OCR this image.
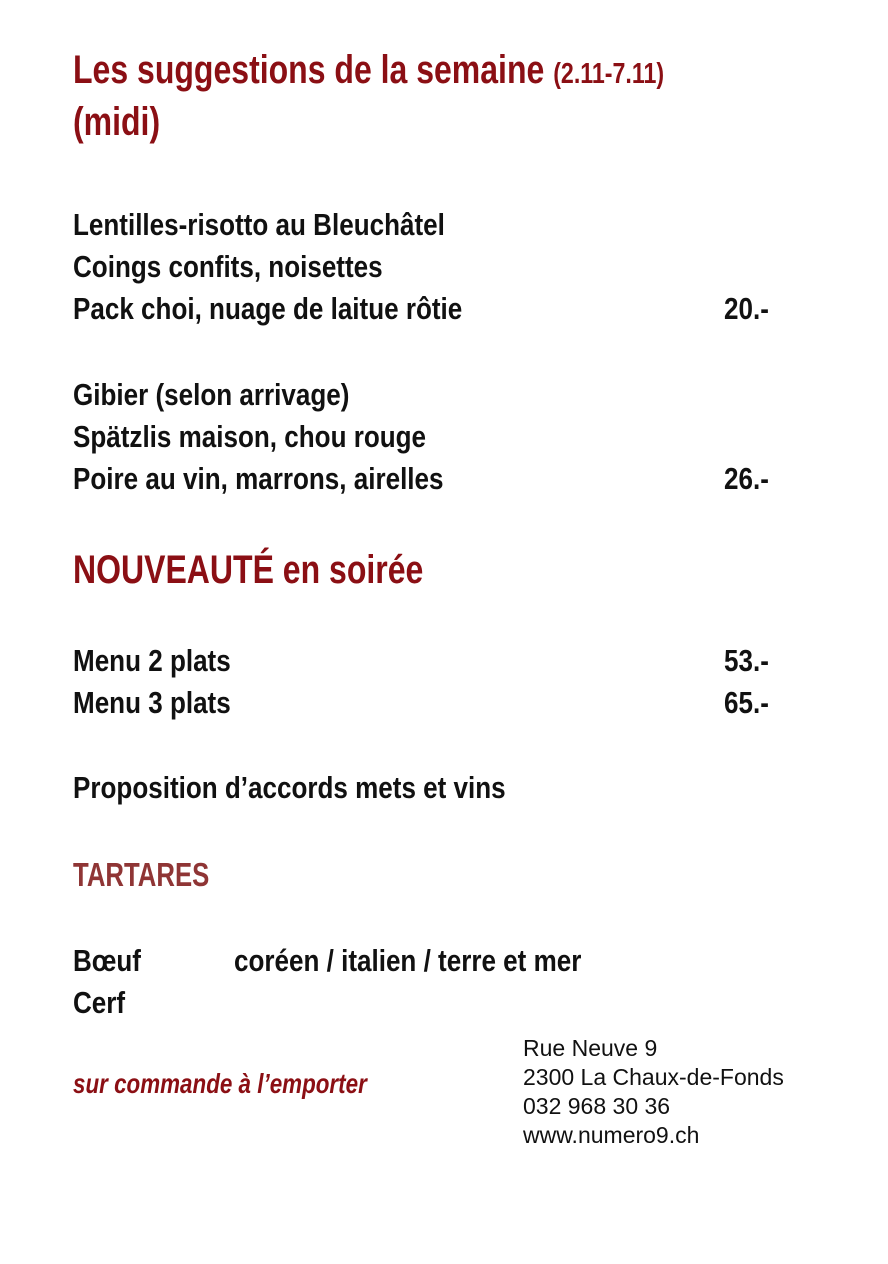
Les suggestions de la semaine (2.11-7.11)
(midi)
Lentilles-risotto au Bleuchâtel
Coings confits, noisettes
Pack choi, nuage de laitue rôtie	20.-
Gibier (selon arrivage)
Spätzlis maison, chou rouge
Poire au vin, marrons, airelles	26.-
NOUVEAUTÉ en soirée
Menu 2 plats	53.-
Menu 3 plats	65.-
Proposition d’accords mets et vins
TARTARES
Bœuf	coréen / italien / terre et mer
Cerf
sur commande à l’emporter
Rue Neuve 9
2300 La Chaux-de-Fonds
032 968 30 36
www.numero9.ch
